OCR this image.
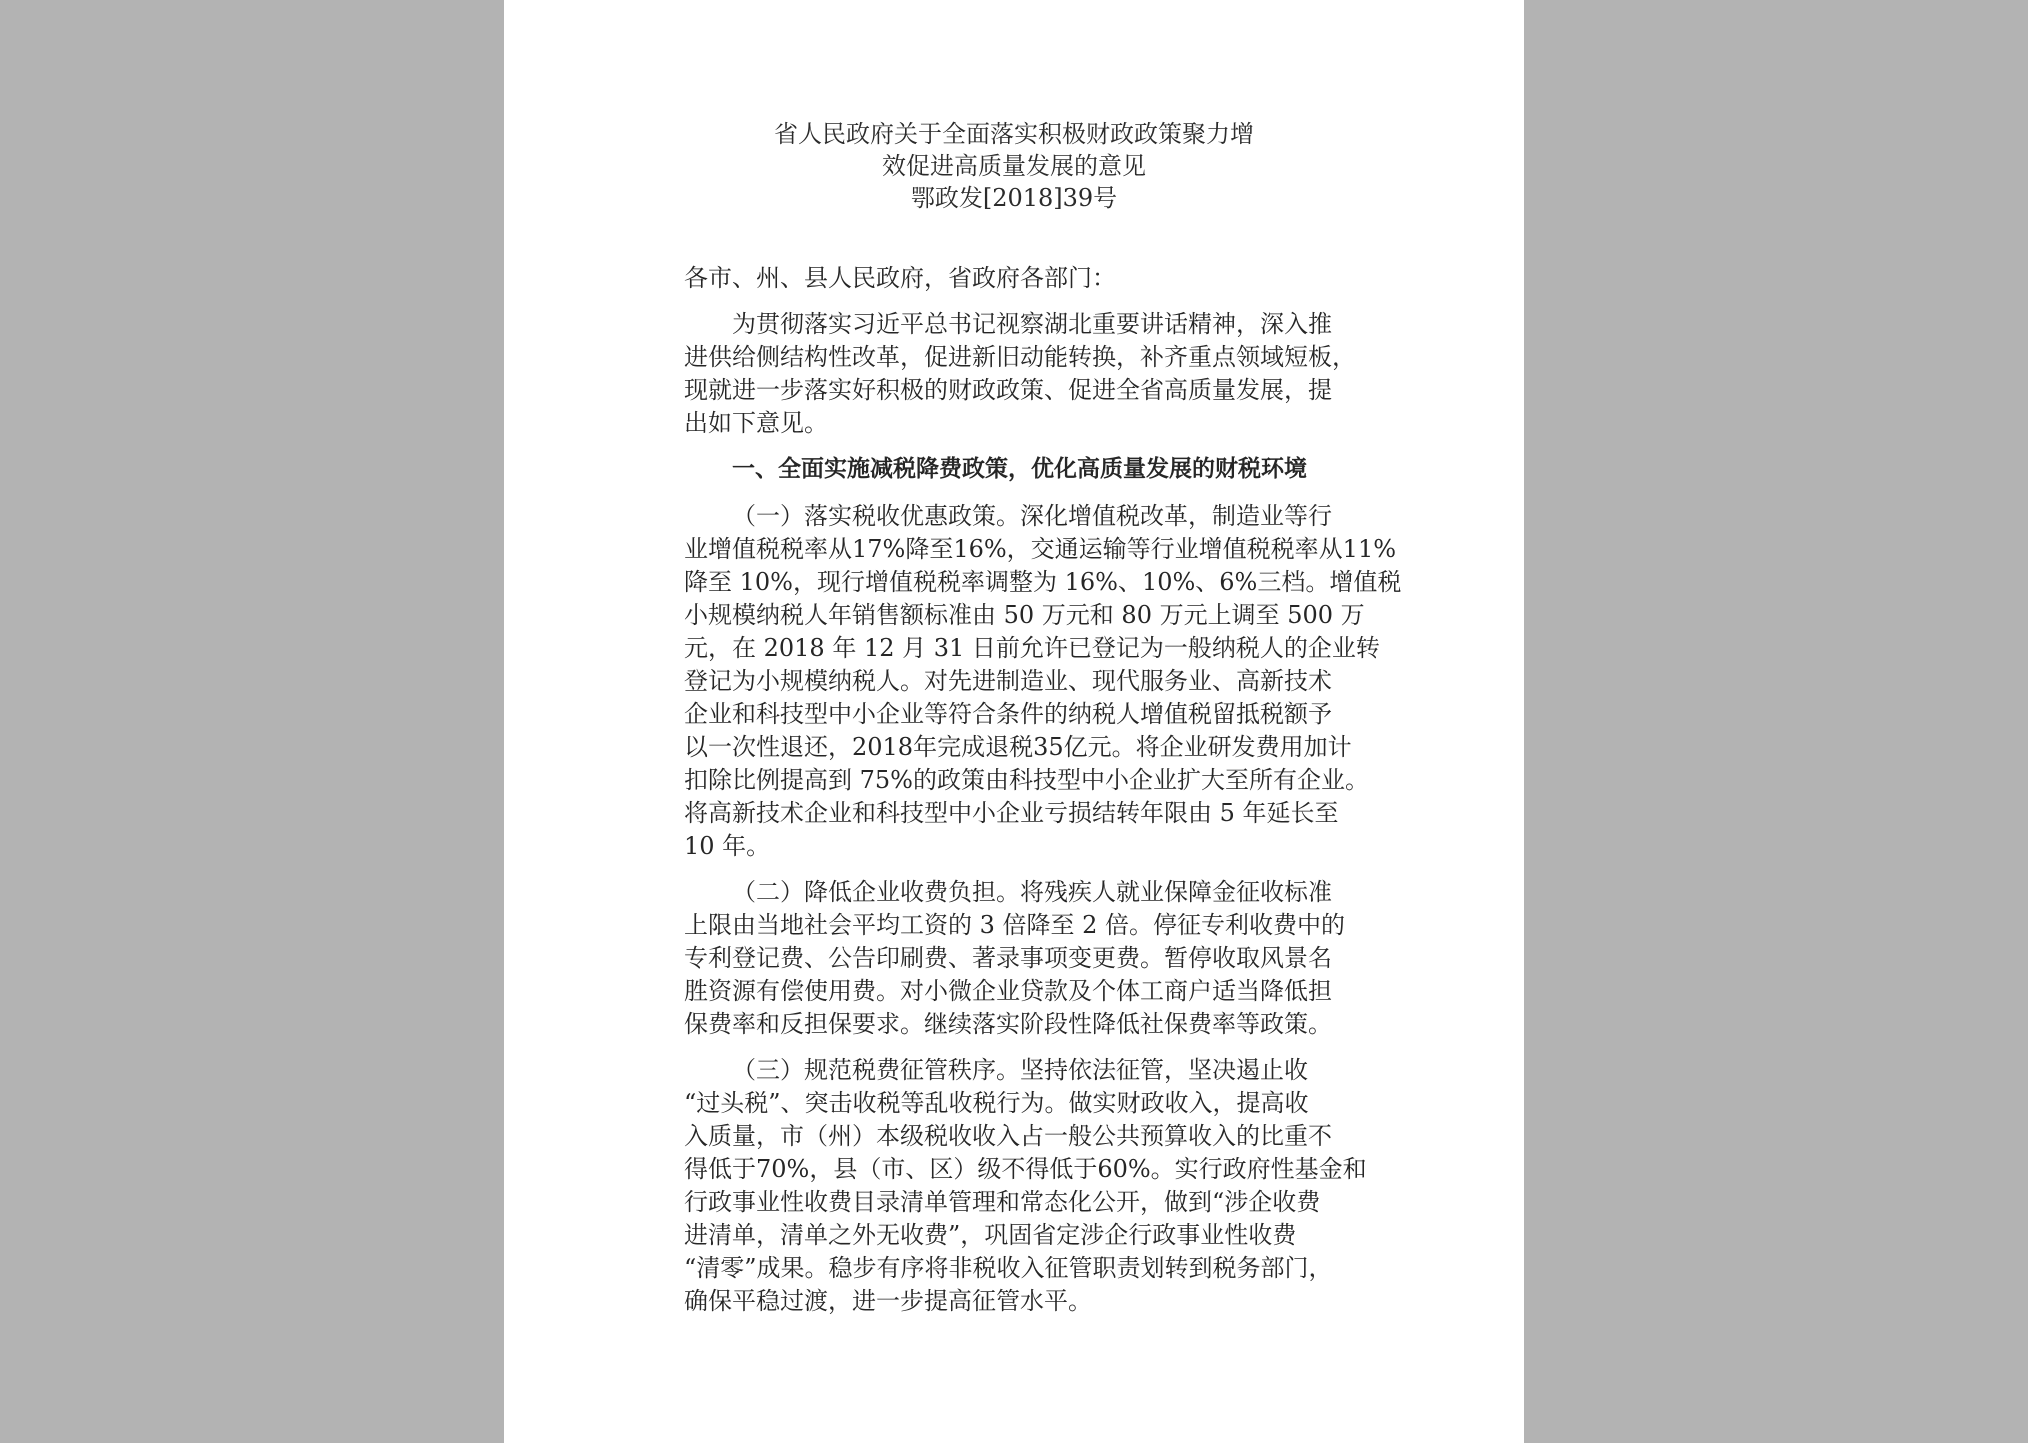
省人民政府关于全面落实积极财政政策聚力增
效促进高质量发展的意见
鄂政发[2018]39号
各市、州、县人民政府，省政府各部门：
为贯彻落实习近平总书记视察湖北重要讲话精神，深入推
进供给侧结构性改革，促进新旧动能转换，补齐重点领域短板，
现就进一步落实好积极的财政政策、促进全省高质量发展，提
出如下意见。
一、全面实施减税降费政策，优化高质量发展的财税环境
（一）落实税收优惠政策。深化增值税改革，制造业等行
业增值税税率从17%降至16%，交通运输等行业增值税税率从11%
降至 10%，现行增值税税率调整为 16%、10%、6%三档。增值税
小规模纳税人年销售额标准由 50 万元和 80 万元上调至 500 万
元，在 2018 年 12 月 31 日前允许已登记为一般纳税人的企业转
登记为小规模纳税人。对先进制造业、现代服务业、高新技术
企业和科技型中小企业等符合条件的纳税人增值税留抵税额予
以一次性退还，2018年完成退税35亿元。将企业研发费用加计
扣除比例提高到 75%的政策由科技型中小企业扩大至所有企业。
将高新技术企业和科技型中小企业亏损结转年限由 5 年延长至
10 年。
（二）降低企业收费负担。将残疾人就业保障金征收标准
上限由当地社会平均工资的 3 倍降至 2 倍。停征专利收费中的
专利登记费、公告印刷费、著录事项变更费。暂停收取风景名
胜资源有偿使用费。对小微企业贷款及个体工商户适当降低担
保费率和反担保要求。继续落实阶段性降低社保费率等政策。
（三）规范税费征管秩序。坚持依法征管，坚决遏止收
“过头税”、突击收税等乱收税行为。做实财政收入，提高收
入质量，市（州）本级税收收入占一般公共预算收入的比重不
得低于70%，县（市、区）级不得低于60%。实行政府性基金和
行政事业性收费目录清单管理和常态化公开，做到“涉企收费
进清单，清单之外无收费”，巩固省定涉企行政事业性收费
“清零”成果。稳步有序将非税收入征管职责划转到税务部门，
确保平稳过渡，进一步提高征管水平。
